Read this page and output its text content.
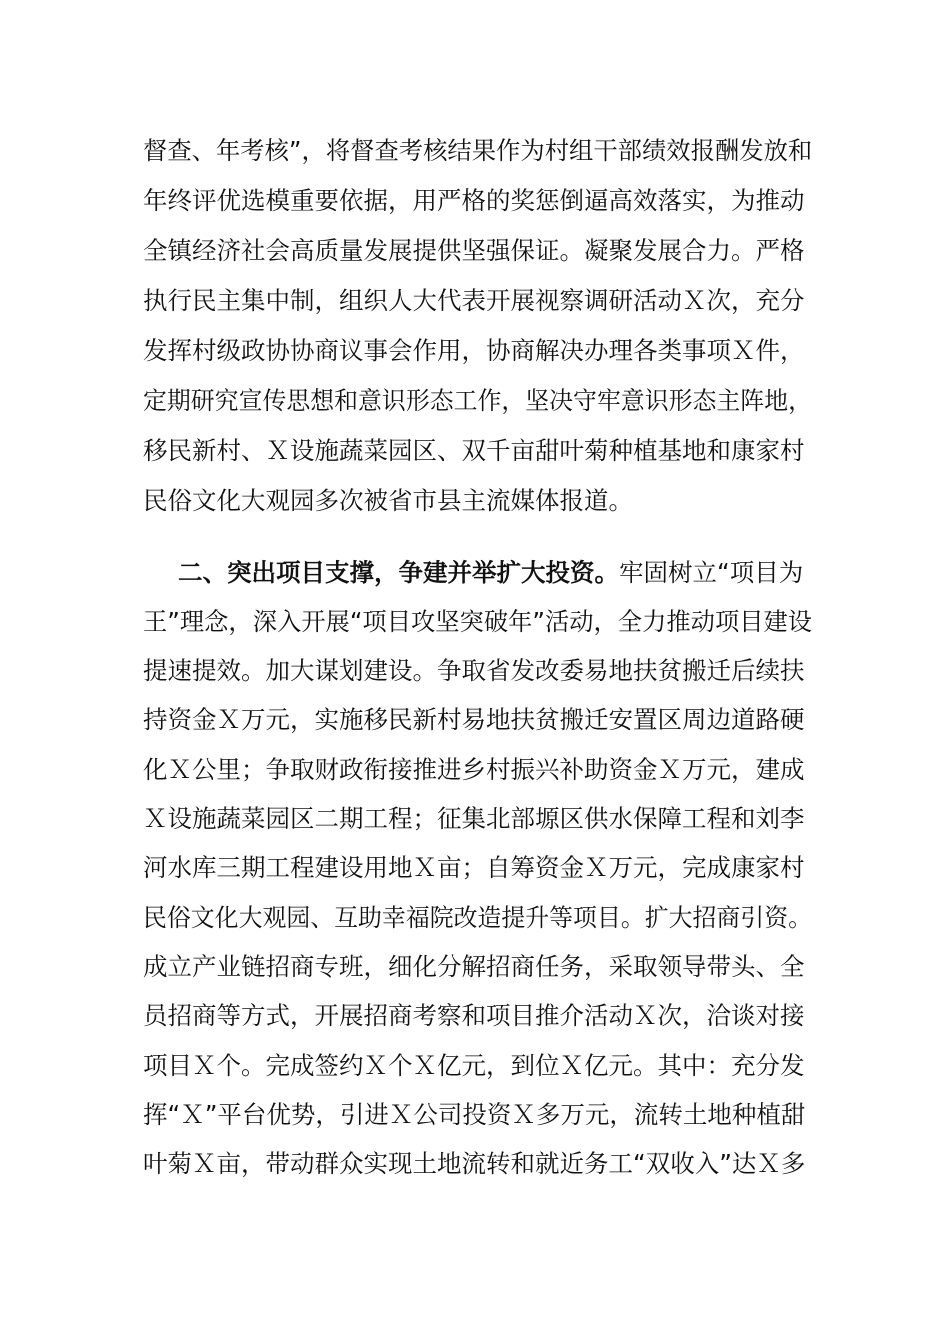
督查、年考核”，将督查考核结果作为村组干部绩效报酬发放和
年终评优选模重要依据，用严格的奖惩倒逼高效落实，为推动
全镇经济社会高质量发展提供坚强保证。凝聚发展合力。严格
执行民主集中制，组织人大代表开展视察调研活动Ｘ次，充分
发挥村级政协协商议事会作用，协商解决办理各类事项Ｘ件，
定期研究宣传思想和意识形态工作，坚决守牢意识形态主阵地，
移民新村、Ｘ设施蔬菜园区、双千亩甜叶菊种植基地和康家村
民俗文化大观园多次被省市县主流媒体报道。
二、突出项目支撑，争建并举扩大投资。牢固树立“项目为
王”理念，深入开展“项目攻坚突破年”活动，全力推动项目建设
提速提效。加大谋划建设。争取省发改委易地扶贫搬迁后续扶
持资金Ｘ万元，实施移民新村易地扶贫搬迁安置区周边道路硬
化Ｘ公里；争取财政衔接推进乡村振兴补助资金Ｘ万元，建成
Ｘ设施蔬菜园区二期工程；征集北部塬区供水保障工程和刘李
河水库三期工程建设用地Ｘ亩；自筹资金Ｘ万元，完成康家村
民俗文化大观园、互助幸福院改造提升等项目。扩大招商引资。
成立产业链招商专班，细化分解招商任务，采取领导带头、全
员招商等方式，开展招商考察和项目推介活动Ｘ次，洽谈对接
项目Ｘ个。完成签约Ｘ个Ｘ亿元，到位Ｘ亿元。其中：充分发
挥“Ｘ”平台优势，引进Ｘ公司投资Ｘ多万元，流转土地种植甜
叶菊Ｘ亩，带动群众实现土地流转和就近务工“双收入”达Ｘ多
